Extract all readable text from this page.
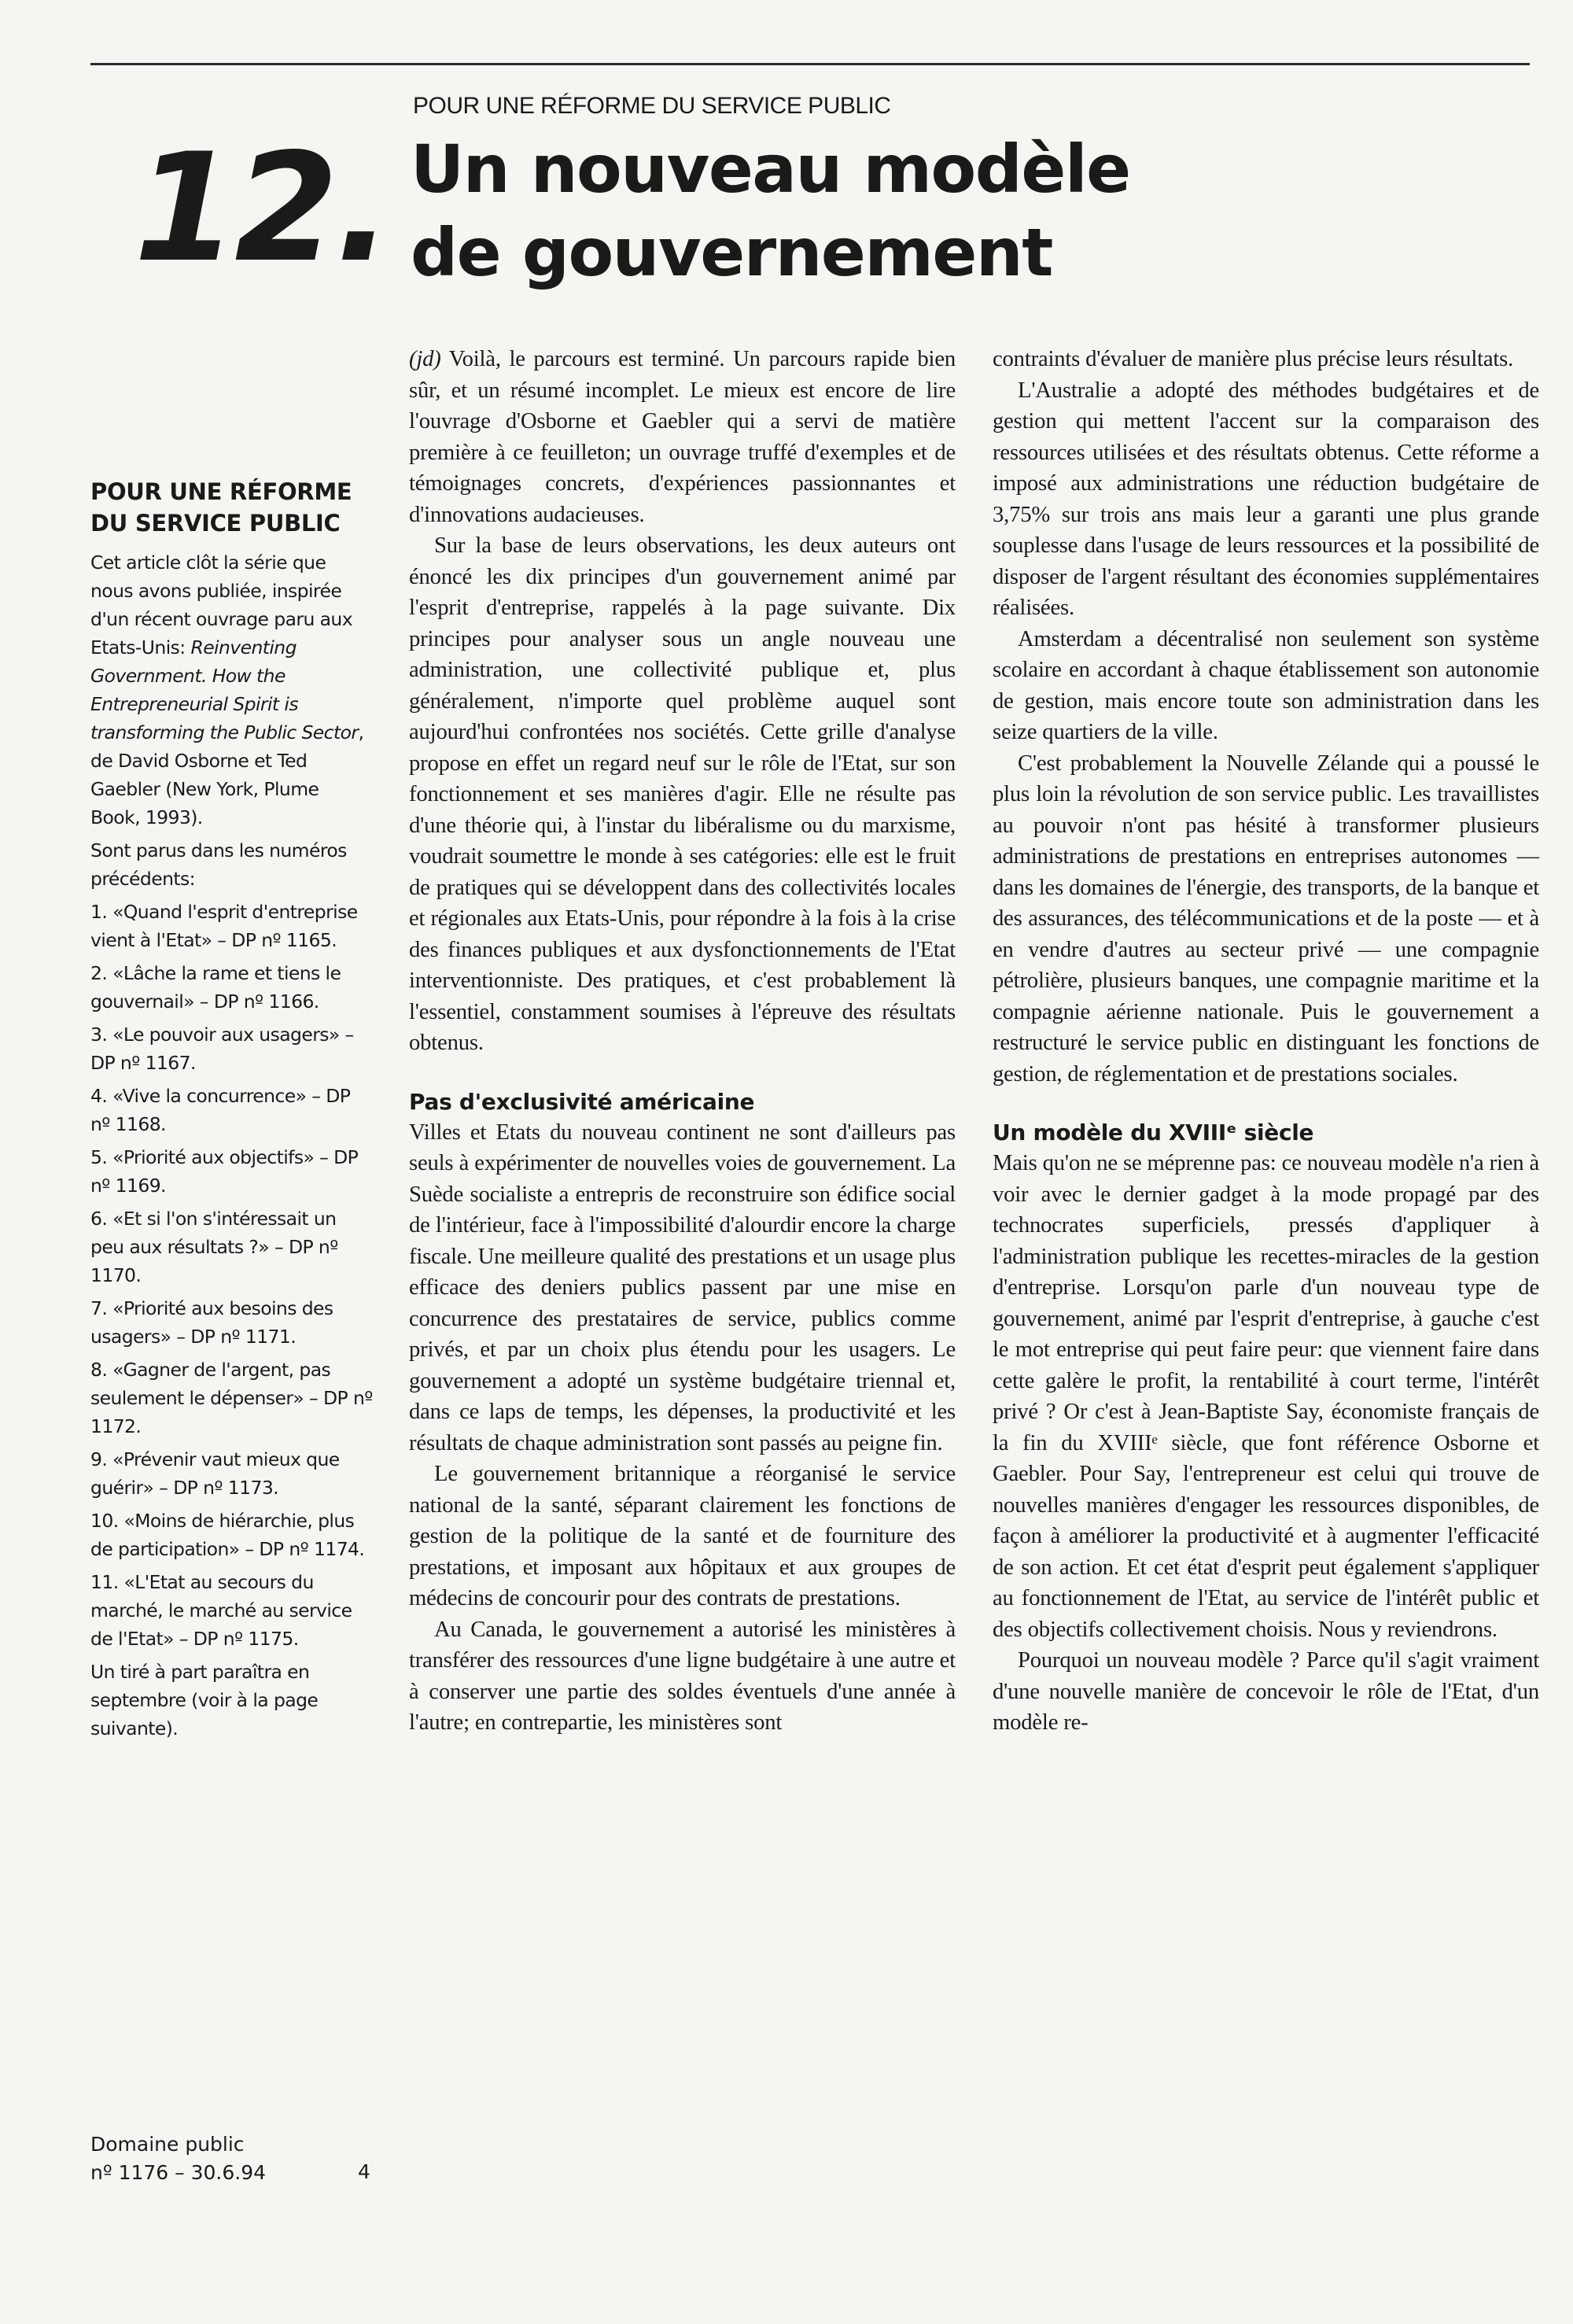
12.
POUR UNE RÉFORME DU SERVICE PUBLIC
Un nouveau modèle
de gouvernement
POUR UNE RÉFORME DU SERVICE PUBLIC

Cet article clôt la série que nous avons publiée, inspirée d'un récent ouvrage paru aux Etats-Unis: Reinventing Government. How the Entrepreneurial Spirit is transforming the Public Sector, de David Osborne et Ted Gaebler (New York, Plume Book, 1993).

Sont parus dans les numéros précédents:

1. «Quand l'esprit d'entreprise vient à l'Etat» – DP nº 1165.
2. «Lâche la rame et tiens le gouvernail» – DP nº 1166.
3. «Le pouvoir aux usagers» – DP nº 1167.
4. «Vive la concurrence» – DP nº 1168.
5. «Priorité aux objectifs» – DP nº 1169.
6. «Et si l'on s'intéressait un peu aux résultats ?» – DP nº 1170.
7. «Priorité aux besoins des usagers» – DP nº 1171.
8. «Gagner de l'argent, pas seulement le dépenser» – DP nº 1172.
9. «Prévenir vaut mieux que guérir» – DP nº 1173.
10. «Moins de hiérarchie, plus de participation» – DP nº 1174.
11. «L'Etat au secours du marché, le marché au service de l'Etat» – DP nº 1175.

Un tiré à part paraîtra en septembre (voir à la page suivante).

Domaine public
nº 1176 – 30.6.94	4

(jd) Voilà, le parcours est terminé. Un parcours rapide bien sûr, et un résumé incomplet. Le mieux est encore de lire l'ouvrage d'Osborne et Gaebler qui a servi de matière première à ce feuilleton; un ouvrage truffé d'exemples et de témoignages concrets, d'expériences passionnantes et d'innovations audacieuses.

Sur la base de leurs observations, les deux auteurs ont énoncé les dix principes d'un gouvernement animé par l'esprit d'entreprise, rappelés à la page suivante. Dix principes pour analyser sous un angle nouveau une administration, une collectivité publique et, plus généralement, n'importe quel problème auquel sont aujourd'hui confrontées nos sociétés. Cette grille d'analyse propose en effet un regard neuf sur le rôle de l'Etat, sur son fonctionnement et ses manières d'agir. Elle ne résulte pas d'une théorie qui, à l'instar du libéralisme ou du marxisme, voudrait soumettre le monde à ses catégories: elle est le fruit de pratiques qui se développent dans des collectivités locales et régionales aux Etats-Unis, pour répondre à la fois à la crise des finances publiques et aux dysfonctionnements de l'Etat interventionniste. Des pratiques, et c'est probablement là l'essentiel, constamment soumises à l'épreuve des résultats obtenus.

Pas d'exclusivité américaine

Villes et Etats du nouveau continent ne sont d'ailleurs pas seuls à expérimenter de nouvelles voies de gouvernement. La Suède socialiste a entrepris de reconstruire son édifice social de l'intérieur, face à l'impossibilité d'alourdir encore la charge fiscale. Une meilleure qualité des prestations et un usage plus efficace des deniers publics passent par une mise en concurrence des prestataires de service, publics comme privés, et par un choix plus étendu pour les usagers. Le gouvernement a adopté un système budgétaire triennal et, dans ce laps de temps, les dépenses, la productivité et les résultats de chaque administration sont passés au peigne fin.

Le gouvernement britannique a réorganisé le service national de la santé, séparant clairement les fonctions de gestion de la politique de la santé et de fourniture des prestations, et imposant aux hôpitaux et aux groupes de médecins de concourir pour des contrats de prestations.

Au Canada, le gouvernement a autorisé les ministères à transférer des ressources d'une ligne budgétaire à une autre et à conserver une partie des soldes éventuels d'une année à l'autre; en contrepartie, les ministères sont

contraints d'évaluer de manière plus précise leurs résultats.

L'Australie a adopté des méthodes budgétaires et de gestion qui mettent l'accent sur la comparaison des ressources utilisées et des résultats obtenus. Cette réforme a imposé aux administrations une réduction budgétaire de 3,75% sur trois ans mais leur a garanti une plus grande souplesse dans l'usage de leurs ressources et la possibilité de disposer de l'argent résultant des économies supplémentaires réalisées.

Amsterdam a décentralisé non seulement son système scolaire en accordant à chaque établissement son autonomie de gestion, mais encore toute son administration dans les seize quartiers de la ville.

C'est probablement la Nouvelle Zélande qui a poussé le plus loin la révolution de son service public. Les travaillistes au pouvoir n'ont pas hésité à transformer plusieurs administrations de prestations en entreprises autonomes — dans les domaines de l'énergie, des transports, de la banque et des assurances, des télécommunications et de la poste — et à en vendre d'autres au secteur privé — une compagnie pétrolière, plusieurs banques, une compagnie maritime et la compagnie aérienne nationale. Puis le gouvernement a restructuré le service public en distinguant les fonctions de gestion, de réglementation et de prestations sociales.

Un modèle du XVIIIᵉ siècle

Mais qu'on ne se méprenne pas: ce nouveau modèle n'a rien à voir avec le dernier gadget à la mode propagé par des technocrates superficiels, pressés d'appliquer à l'administration publique les recettes-miracles de la gestion d'entreprise. Lorsqu'on parle d'un nouveau type de gouvernement, animé par l'esprit d'entreprise, à gauche c'est le mot entreprise qui peut faire peur: que viennent faire dans cette galère le profit, la rentabilité à court terme, l'intérêt privé ? Or c'est à Jean-Baptiste Say, économiste français de la fin du XVIIIᵉ siècle, que font référence Osborne et Gaebler. Pour Say, l'entrepreneur est celui qui trouve de nouvelles manières d'engager les ressources disponibles, de façon à améliorer la productivité et à augmenter l'efficacité de son action. Et cet état d'esprit peut également s'appliquer au fonctionnement de l'Etat, au service de l'intérêt public et des objectifs collectivement choisis. Nous y reviendrons.

Pourquoi un nouveau modèle ? Parce qu'il s'agit vraiment d'une nouvelle manière de concevoir le rôle de l'Etat, d'un modèle re-
